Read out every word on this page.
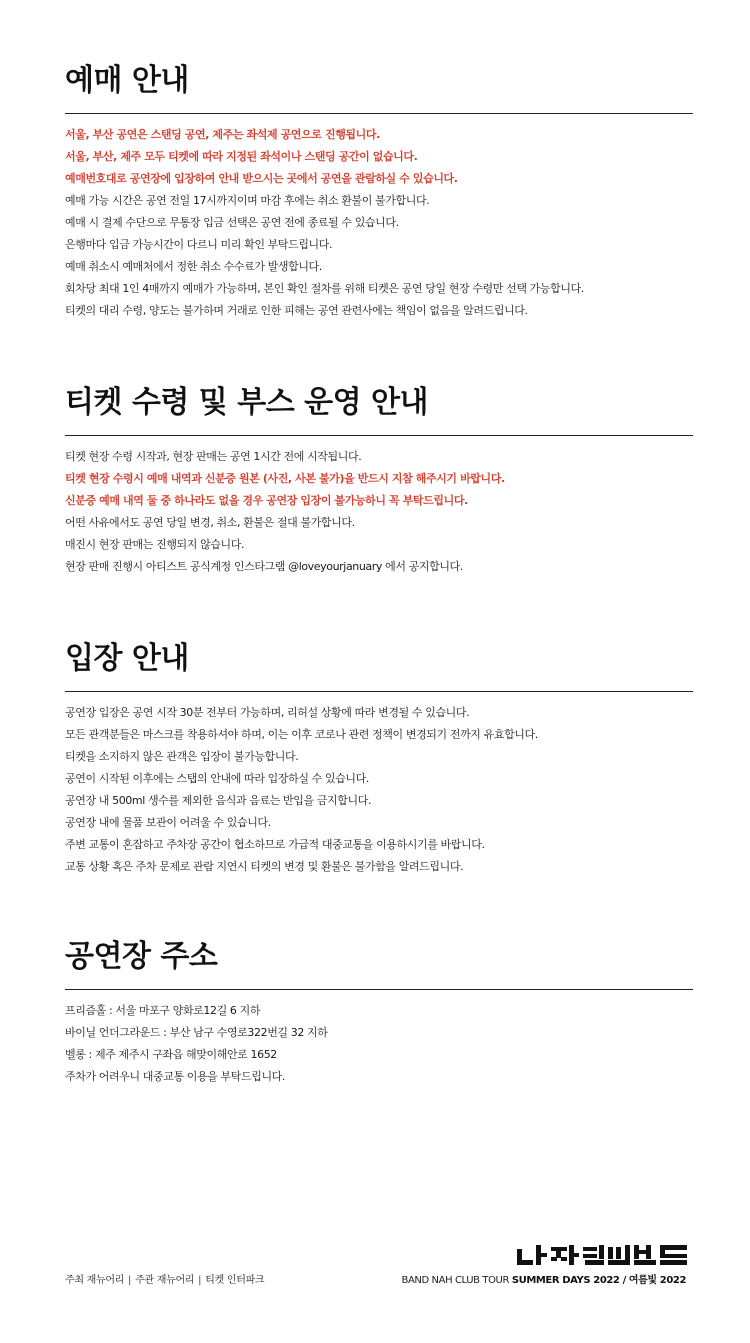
예매 안내
서울, 부산 공연은 스탠딩 공연, 제주는 좌석제 공연으로 진행됩니다.
서울, 부산, 제주 모두 티켓에 따라 지정된 좌석이나 스탠딩 공간이 없습니다.
예매번호대로 공연장에 입장하여 안내 받으시는 곳에서 공연을 관람하실 수 있습니다.
예매 가능 시간은 공연 전일 17시까지이며 마감 후에는 취소 환불이 불가합니다.
예매 시 결제 수단으로 무통장 입금 선택은 공연 전에 종료될 수 있습니다.
은행마다 입금 가능시간이 다르니 미리 확인 부탁드립니다.
예매 취소시 예매처에서 정한 취소 수수료가 발생합니다.
회차당 최대 1인 4매까지 예매가 가능하며, 본인 확인 절차를 위해 티켓은 공연 당일 현장 수령만 선택 가능합니다.
티켓의 대리 수령, 양도는 불가하며 거래로 인한 피해는 공연 관련사에는 책임이 없음을 알려드립니다.
티켓 수령 및 부스 운영 안내
티켓 현장 수령 시작과, 현장 판매는 공연 1시간 전에 시작됩니다.
티켓 현장 수령시 예매 내역과 신분증 원본 (사진, 사본 불가)을 반드시 지참 해주시기 바랍니다.
신분증 예매 내역 둘 중 하나라도 없을 경우 공연장 입장이 불가능하니 꼭 부탁드립니다.
어떤 사유에서도 공연 당일 변경, 취소, 환불은 절대 불가합니다.
매진시 현장 판매는 진행되지 않습니다.
현장 판매 진행시 아티스트 공식계정 인스타그램 @loveyourjanuary 에서 공지합니다.
입장 안내
공연장 입장은 공연 시작 30분 전부터 가능하며, 리허설 상황에 따라 변경될 수 있습니다.
모든 관객분들은 마스크를 착용하셔야 하며, 이는 이후 코로나 관련 정책이 변경되기 전까지 유효합니다.
티켓을 소지하지 않은 관객은 입장이 불가능합니다.
공연이 시작된 이후에는 스탭의 안내에 따라 입장하실 수 있습니다.
공연장 내 500ml 생수를 제외한 음식과 음료는 반입을 금지합니다.
공연장 내에 물품 보관이 어려울 수 있습니다.
주변 교통이 혼잡하고 주차장 공간이 협소하므로 가급적 대중교통을 이용하시기를 바랍니다.
교통 상황 혹은 주차 문제로 관람 지연시 티켓의 변경 및 환불은 불가함을 알려드립니다.
공연장 주소
프리즘홀 : 서울 마포구 양화로12길 6 지하
바이닐 언더그라운드 : 부산 남구 수영로322번길 32 지하
벨롱 : 제주 제주시 구좌읍 해맞이해안로 1652
주차가 어려우니 대중교통 이용을 부탁드립니다.
주최 재뉴어리 | 주관 재뉴어리 | 티켓 인터파크
나상현씨밴드
BAND NAH CLUB TOUR SUMMER DAYS 2022 / 여름빛 2022
